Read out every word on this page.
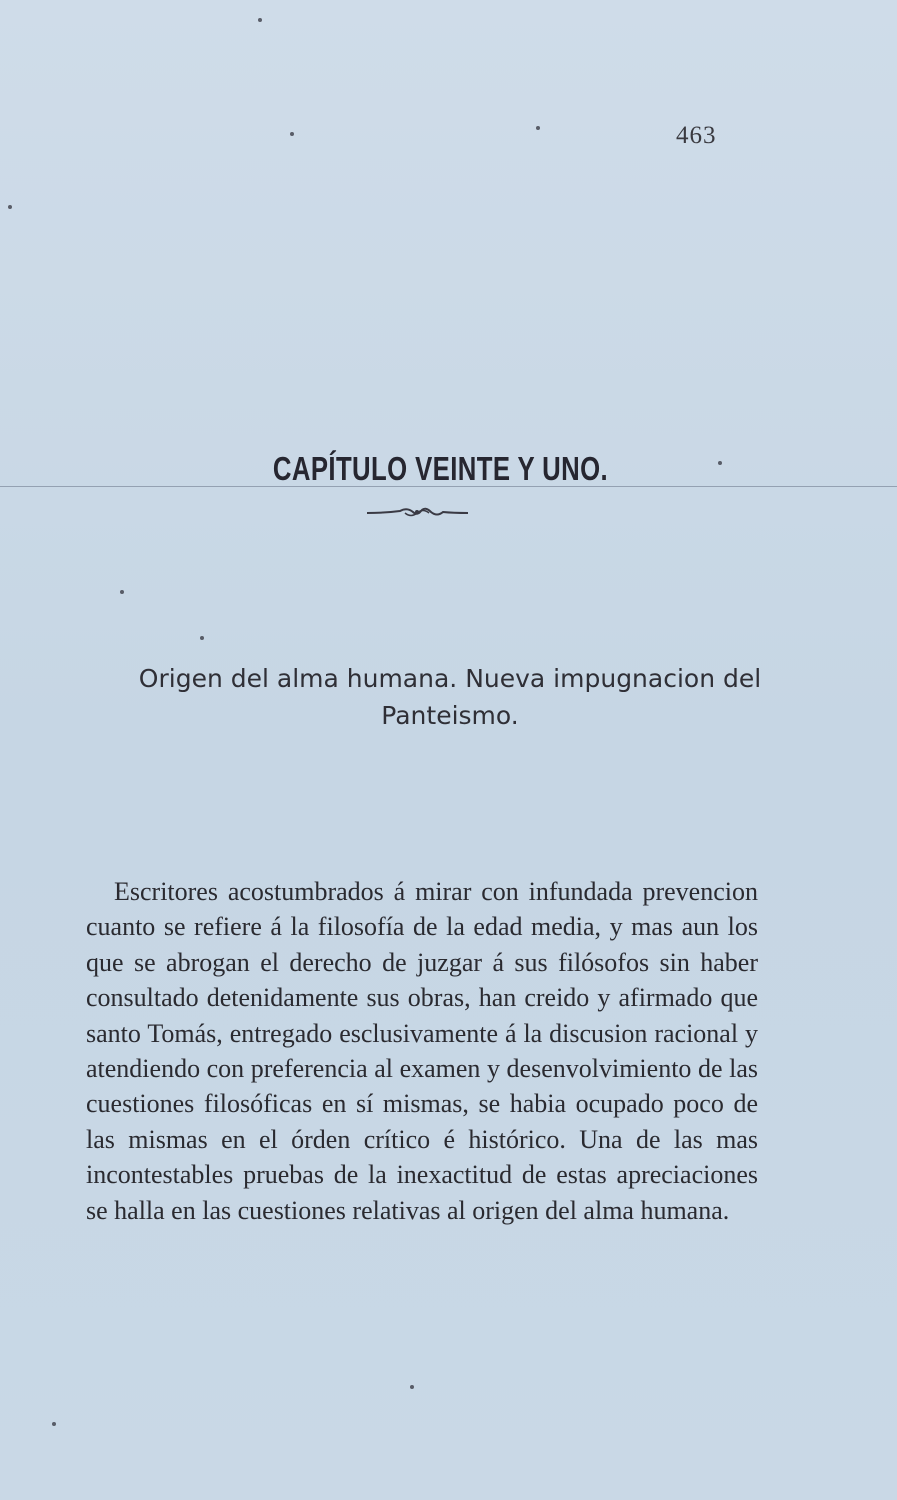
463
CAPÍTULO VEINTE Y UNO.
Origen del alma humana. Nueva impugnacion del Panteismo.
Escritores acostumbrados á mirar con infundada prevencion cuanto se refiere á la filosofía de la edad media, y mas aun los que se abrogan el derecho de juzgar á sus filósofos sin haber consultado detenidamente sus obras, han creido y afirmado que santo Tomás, entregado esclusivamente á la discusion racional y atendiendo con preferencia al examen y desenvolvimiento de las cuestiones filosóficas en sí mismas, se habia ocupado poco de las mismas en el órden crítico é histórico. Una de las mas incontestables pruebas de la inexactitud de estas apreciaciones se halla en las cuestiones relativas al origen del alma humana.
